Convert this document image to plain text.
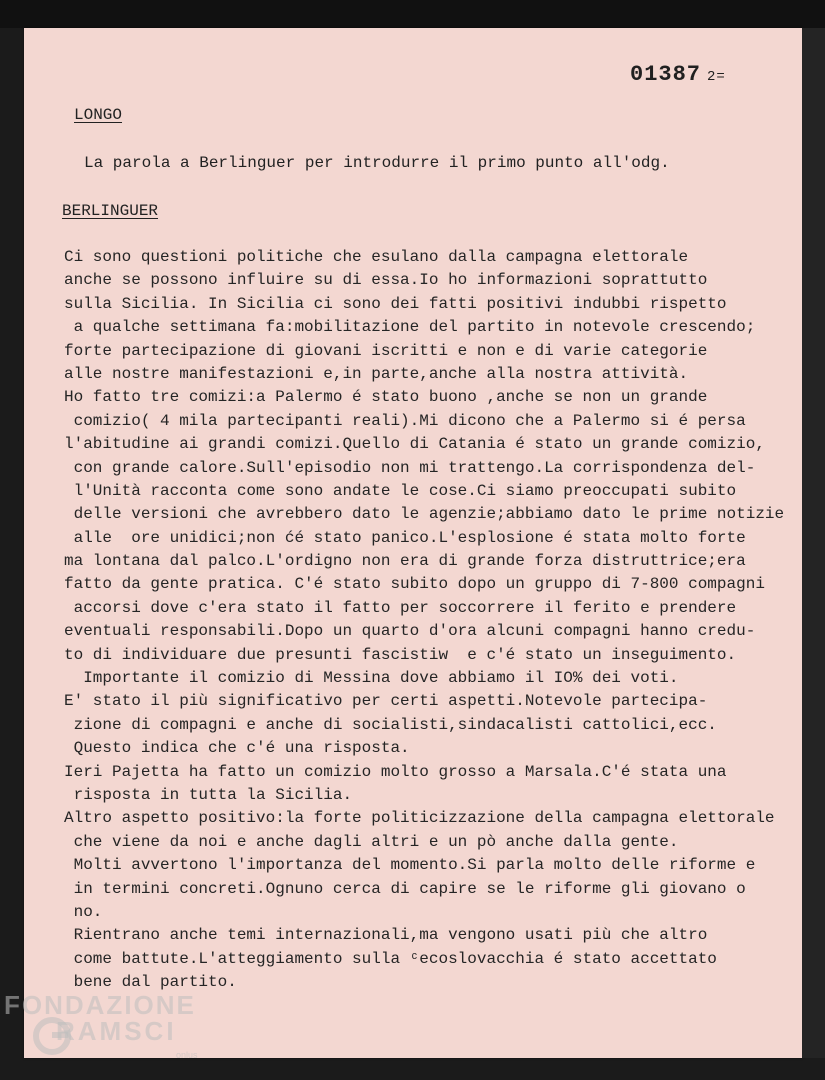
01387 2=
LONGO
La parola a Berlinguer per introdurre il primo punto all'odg.
BERLINGUER
Ci sono questioni politiche che esulano dalla campagna elettorale
anche se possono influire su di essa.Io ho informazioni soprattutto
sulla Sicilia. In Sicilia ci sono dei fatti positivi indubbi rispetto
a qualche settimana fa:mobilitazione del partito in notevole crescendo;
forte partecipazione di giovani iscritti e non e di varie categorie
alle nostre manifestazioni e,in parte,anche alla nostra attività.
Ho fatto tre comizi:a Palermo é stato buono ,anche se non un grande
comizio( 4 mila partecipanti reali).Mi dicono che a Palermo si é persa
l'abitudine ai grandi comizi.Quello di Catania é stato un grande comizio,
con grande calore.Sull'episodio non mi trattengo.La corrispondenza del-
l'Unità racconta come sono andate le cose.Ci siamo preoccupati subito
delle versioni che avrebbero dato le agenzie;abbiamo dato le prime notizie
alle  ore unidici;non ćé stato panico.L'esplosione é stata molto forte
ma lontana dal palco.L'ordigno non era di grande forza distruttrice;era
fatto da gente pratica. C'é stato subito dopo un gruppo di 7-800 compagni
accorsi dove c'era stato il fatto per soccorrere il ferito e prendere
eventuali responsabili.Dopo un quarto d'ora alcuni compagni hanno credu-
to di individuare due presunti fascistiw  e c'é stato un inseguimento.
Importante il comizio di Messina dove abbiamo il IO% dei voti.
E' stato il più significativo per certi aspetti.Notevole partecipa-
zione di compagni e anche di socialisti,sindacalisti cattolici,ecc.
Questo indica che c'é una risposta.
Ieri Pajetta ha fatto un comizio molto grosso a Marsala.C'é stata una
risposta in tutta la Sicilia.
Altro aspetto positivo:la forte politicizzazione della campagna elettorale
che viene da noi e anche dagli altri e un pò anche dalla gente.
Molti avvertono l'importanza del momento.Si parla molto delle riforme e
in termini concreti.Ognuno cerca di capire se le riforme gli giovano o
no.
Rientrano anche temi internazionali,ma vengono usati più che altro
come battute.L'atteggiamento sulla ᶜecoslovacchia é stato accettato
bene dal partito.
FONDAZIONE
RAMSCI
onlus
